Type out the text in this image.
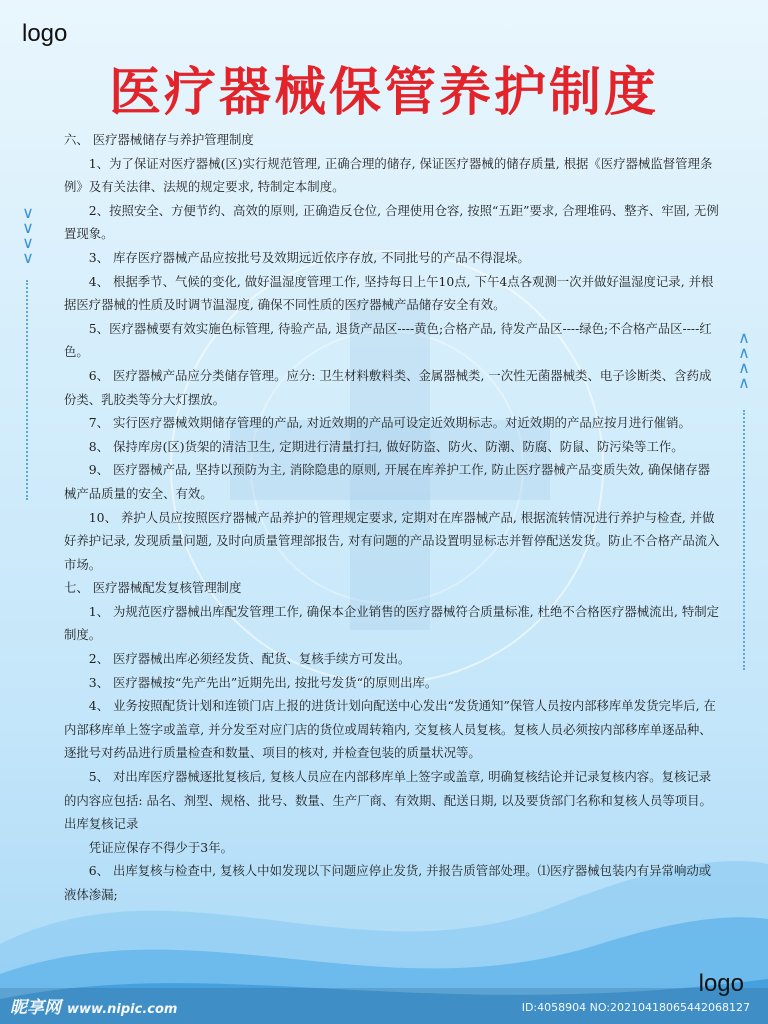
∨
∨
∨
∨
∧
∧
∧
∧
logo
医疗器械保管养护制度

六、 医疗器械储存与养护管理制度

1、为了保证对医疗器械(区)实行规范管理, 正确合理的储存, 保证医疗器械的储存质量, 根据《医疗器械监督管理条例》及有关法律、法规的规定要求, 特制定本制度。

2、按照安全、方便节约、高效的原则, 正确造反仓位, 合理使用仓容, 按照“五距”要求, 合理堆码、整齐、牢固, 无例置现象。

3、 库存医疗器械产品应按批号及效期远近依序存放, 不同批号的产品不得混垛。

4、 根据季节、气候的变化, 做好温湿度管理工作, 坚持每日上午10点, 下午4点各观测一次并做好温湿度记录, 并根据医疗器械的性质及时调节温湿度, 确保不同性质的医疗器械产品储存安全有效。

5、医疗器械要有效实施色标管理, 待验产品, 退货产品区----黄色;合格产品, 待发产品区----绿色;不合格产品区----红色。

6、 医疗器械产品应分类储存管理。应分: 卫生材料敷料类、金属器械类, 一次性无菌器械类、电子诊断类、含药成份类、乳胶类等分大灯摆放。

7、 实行医疗器械效期储存管理的产品, 对近效期的产品可设定近效期标志。对近效期的产品应按月进行催销。

8、 保持库房(区)货架的清洁卫生, 定期进行清量打扫, 做好防盗、防火、防潮、防腐、防鼠、防污染等工作。

9、 医疗器械产品, 坚持以预防为主, 消除隐患的原则, 开展在库养护工作, 防止医疗器械产品变质失效, 确保储存器械产品质量的安全、有效。

10、 养护人员应按照医疗器械产品养护的管理规定要求, 定期对在库器械产品, 根据流转情况进行养护与检查, 并做好养护记录, 发现质量问题, 及时向质量管理部报告, 对有问题的产品设置明显标志并暂停配送发货。防止不合格产品流入市场。

七、 医疗器械配发复核管理制度

1、 为规范医疗器械出库配发管理工作, 确保本企业销售的医疗器械符合质量标准, 杜绝不合格医疗器械流出, 特制定制度。

2、 医疗器械出库必须经发货、配货、复核手续方可发出。

3、 医疗器械按“先产先出”近期先出, 按批号发货“的原则出库。

4、 业务按照配货计划和连锁门店上报的进货计划向配送中心发出“发货通知”保管人员按内部移库单发货完毕后, 在内部移库单上签字或盖章, 并分发至对应门店的货位或周转箱内, 交复核人员复核。复核人员必须按内部移库单逐品种、逐批号对药品进行质量检查和数量、项目的核对, 并检查包装的质量状况等。

5、 对出库医疗器械逐批复核后, 复核人员应在内部移库单上签字或盖章, 明确复核结论并记录复核内容。复核记录的内容应包括: 品名、剂型、规格、批号、数量、生产厂商、有效期、配送日期, 以及要货部门名称和复核人员等项目。出库复核记录

凭证应保存不得少于3年。

6、 出库复核与检查中, 复核人中如发现以下问题应停止发货, 并报告质管部处理。⑴医疗器械包装内有异常响动或液体渗漏;

logo
昵享网 www.nipic.com	ID:4058904 NO:20210418065442068127
